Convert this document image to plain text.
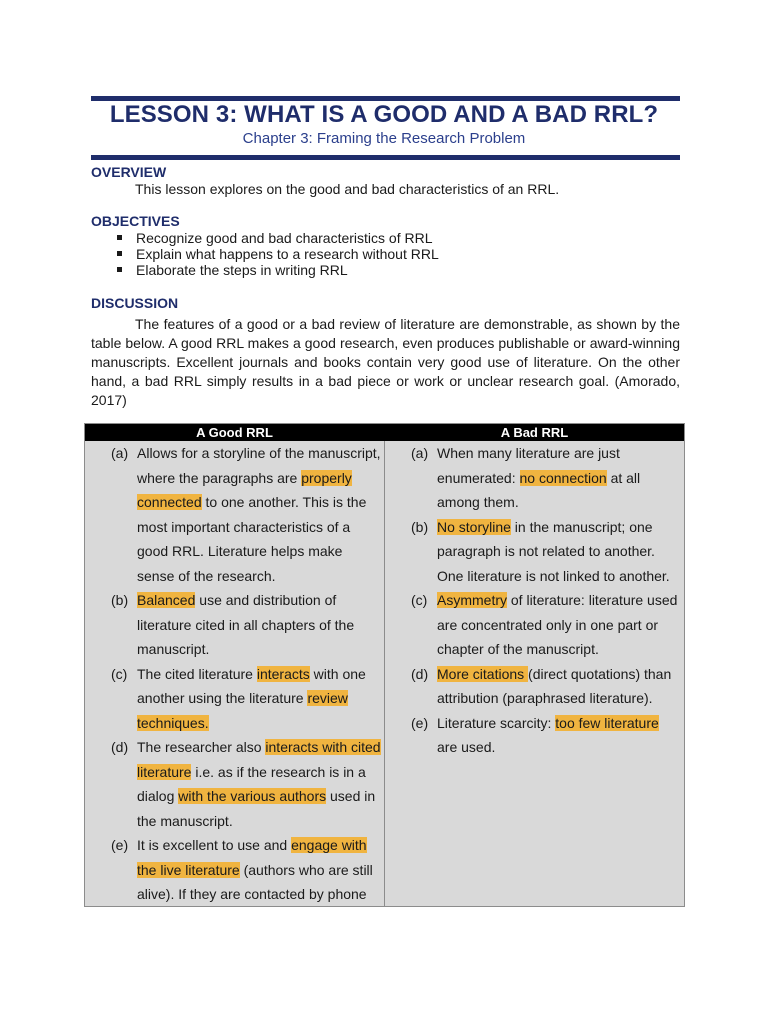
LESSON 3: WHAT IS A GOOD AND A BAD RRL?
Chapter 3: Framing the Research Problem
OVERVIEW
This lesson explores on the good and bad characteristics of an RRL.
OBJECTIVES
Recognize good and bad characteristics of RRL
Explain what happens to a research without RRL
Elaborate the steps in writing RRL
DISCUSSION
The features of a good or a bad review of literature are demonstrable, as shown by the table below. A good RRL makes a good research, even produces publishable or award-winning manuscripts. Excellent journals and books contain very good use of literature. On the other hand, a bad RRL simply results in a bad piece or work or unclear research goal. (Amorado, 2017)
A Good RRL	A Bad RRL
(a) Allows for a storyline of the manuscript, where the paragraphs are properly connected to one another. This is the most important characteristics of a good RRL. Literature helps make sense of the research.
(b) Balanced use and distribution of literature cited in all chapters of the manuscript.
(c) The cited literature interacts with one another using the literature review techniques.
(d) The researcher also interacts with cited literature i.e. as if the research is in a dialog with the various authors used in the manuscript.
(e) It is excellent to use and engage with the live literature (authors who are still alive). If they are contacted by phone
(a) When many literature are just enumerated: no connection at all among them.
(b) No storyline in the manuscript; one paragraph is not related to another. One literature is not linked to another.
(c) Asymmetry of literature: literature used are concentrated only in one part or chapter of the manuscript.
(d) More citations (direct quotations) than attribution (paraphrased literature).
(e) Literature scarcity: too few literature are used.
